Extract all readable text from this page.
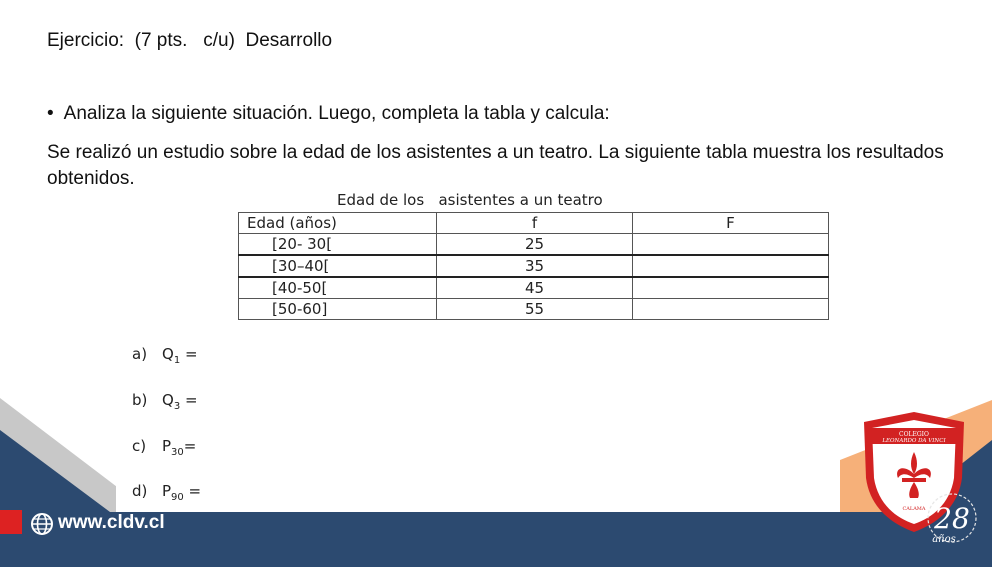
Ejercicio:  (7 pts.   c/u)  Desarrollo
• Analiza la siguiente situación. Luego, completa la tabla y calcula:
Se realizó un estudio sobre la edad de los asistentes a un teatro. La siguiente tabla muestra los resultados obtenidos.
Edad de los   asistentes a un teatro
Edad (años)	f	F
[20- 30[	25	
[30–40[	35	
[40-50[	45	
[50-60]	55	
a) $Q_1$ =
b) $Q_3$ =
c) $P_{30}=$
d) $P_{90}$ =
www.cldv.cl
COLEGIO
LEONARDO DA VINCI
CALAMA 28
años
